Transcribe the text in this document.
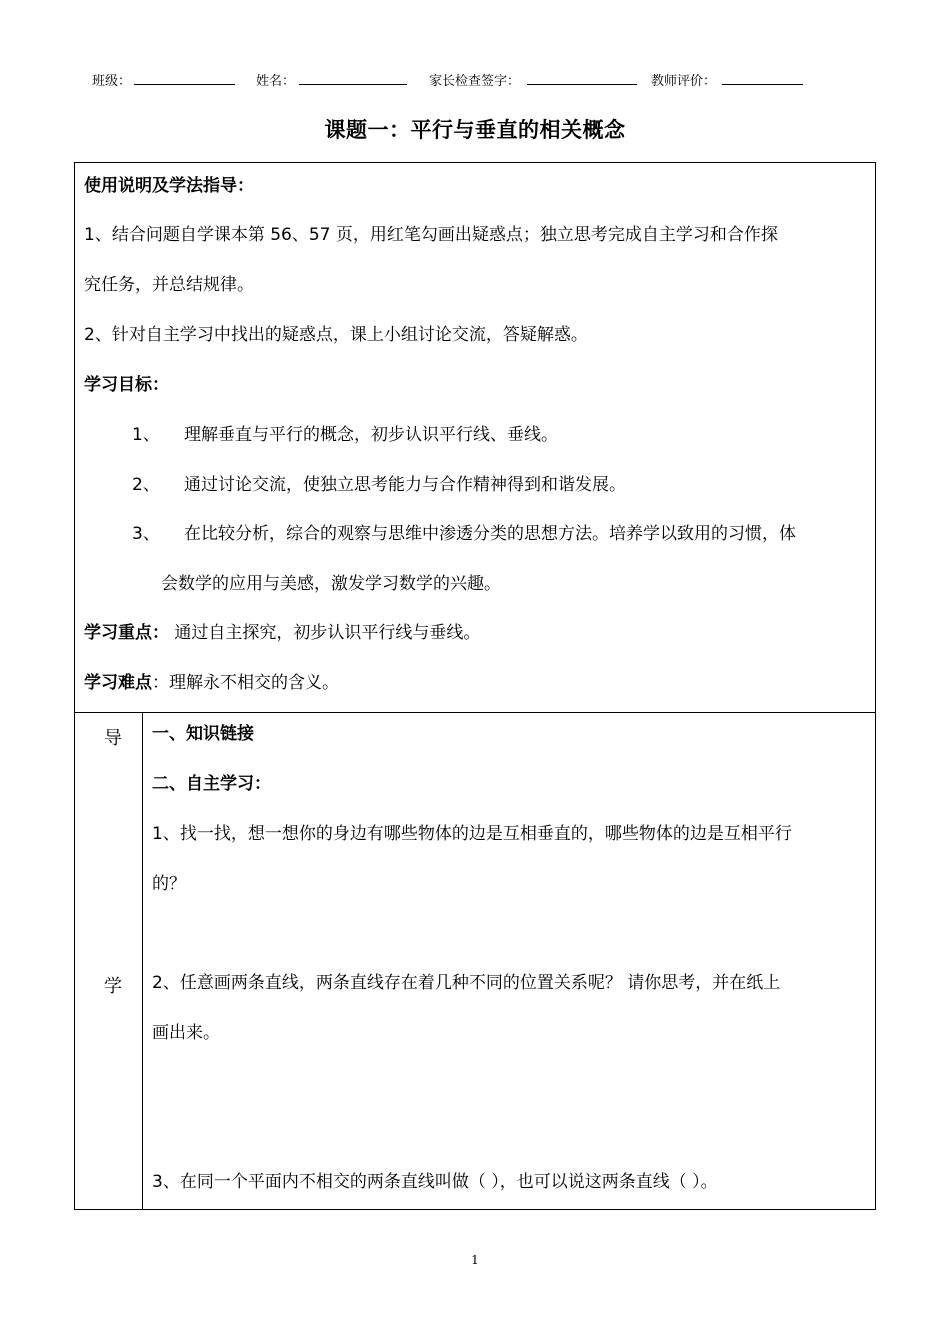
班级：	姓名：	家长检查签字：	教师评价：
课题一：平行与垂直的相关概念
使用说明及学法指导：
1、结合问题自学课本第 56、57 页，用红笔勾画出疑惑点；独立思考完成自主学习和合作探
究任务，并总结规律。
2、针对自主学习中找出的疑惑点，课上小组讨论交流，答疑解惑。
学习目标：
1、 理解垂直与平行的概念，初步认识平行线、垂线。
2、 通过讨论交流，使独立思考能力与合作精神得到和谐发展。
3、 在比较分析，综合的观察与思维中渗透分类的思想方法。培养学以致用的习惯，体
会数学的应用与美感，激发学习数学的兴趣。
学习重点： 通过自主探究，初步认识平行线与垂线。
学习难点：理解永不相交的含义。
导
学
一、知识链接
二、自主学习：
1、找一找，想一想你的身边有哪些物体的边是互相垂直的，哪些物体的边是互相平行
的？
2、任意画两条直线，两条直线存在着几种不同的位置关系呢？ 请你思考，并在纸上
画出来。
3、在同一个平面内不相交的两条直线叫做（ ），也可以说这两条直线（ ）。
1
